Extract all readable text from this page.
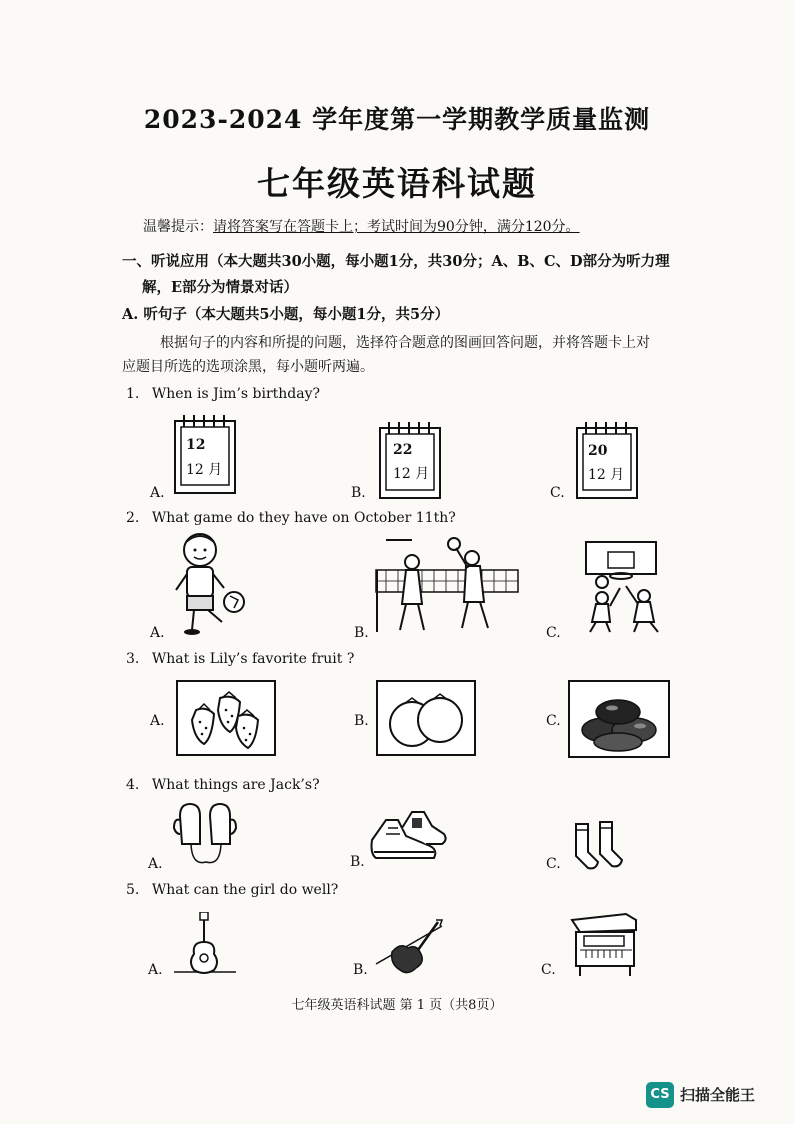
2023-2024 学年度第一学期教学质量监测
七年级英语科试题
温馨提示：请将答案写在答题卡上；考试时间为90分钟，满分120分。
一、听说应用（本大题共30小题，每小题1分，共30分；A、B、C、D部分为听力理
解，E部分为情景对话）
A. 听句子（本大题共5小题，每小题1分，共5分）
根据句子的内容和所提的问题，选择符合题意的图画回答问题，并将答题卡上对
应题目所选的选项涂黑，每小题听两遍。
1. When is Jim’s birthday?
A.	B.	C.
12
12 月
22
12 月
20
12 月
2. What game do they have on October 11th?
A.	B.	C.
3. What is Lily’s favorite fruit ?
A.	B.	C.
4. What things are Jack’s?
A.	B.	C.
5. What can the girl do well?
A.	B.	C.
七年级英语科试题 第 1 页（共8页）
CS 扫描全能王
